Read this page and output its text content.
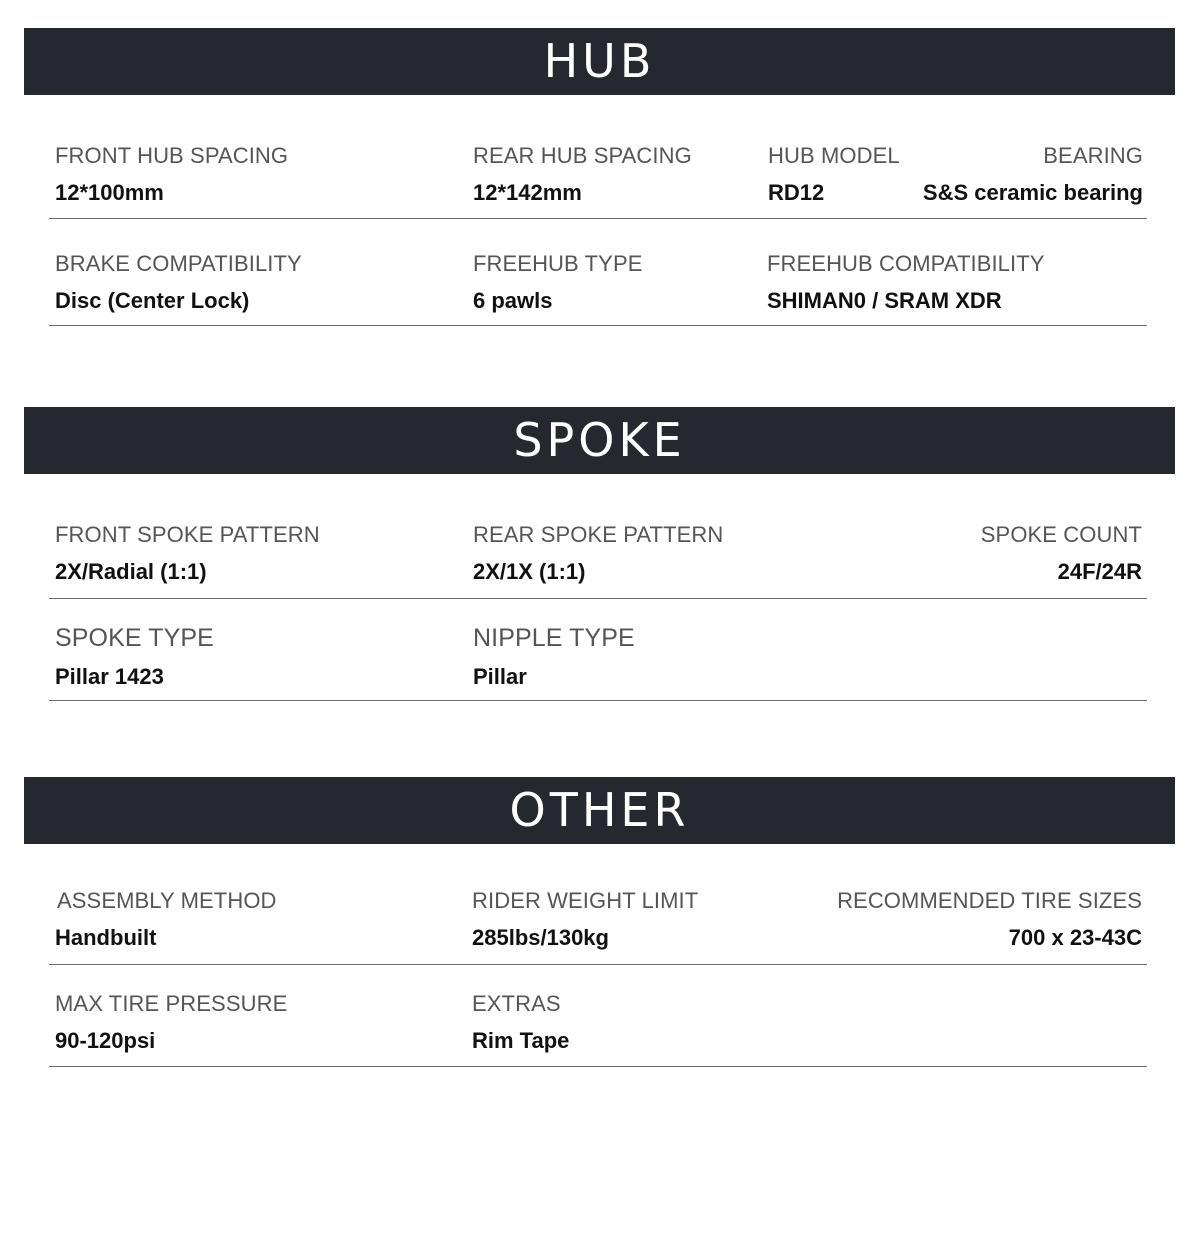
HUB
FRONT HUB SPACING
12*100mm
REAR HUB SPACING
12*142mm
HUB MODEL
RD12
BEARING
S&S ceramic bearing
BRAKE COMPATIBILITY
Disc (Center Lock)
FREEHUB TYPE
6 pawls
FREEHUB COMPATIBILITY
SHIMAN0 / SRAM XDR
SPOKE
FRONT SPOKE PATTERN
2X/Radial (1:1)
REAR SPOKE PATTERN
2X/1X (1:1)
SPOKE COUNT
24F/24R
SPOKE TYPE
Pillar 1423
NIPPLE TYPE
Pillar
OTHER
ASSEMBLY METHOD
Handbuilt
RIDER WEIGHT LIMIT
285lbs/130kg
RECOMMENDED TIRE SIZES
700 x 23-43C
MAX TIRE PRESSURE
90-120psi
EXTRAS
Rim Tape
